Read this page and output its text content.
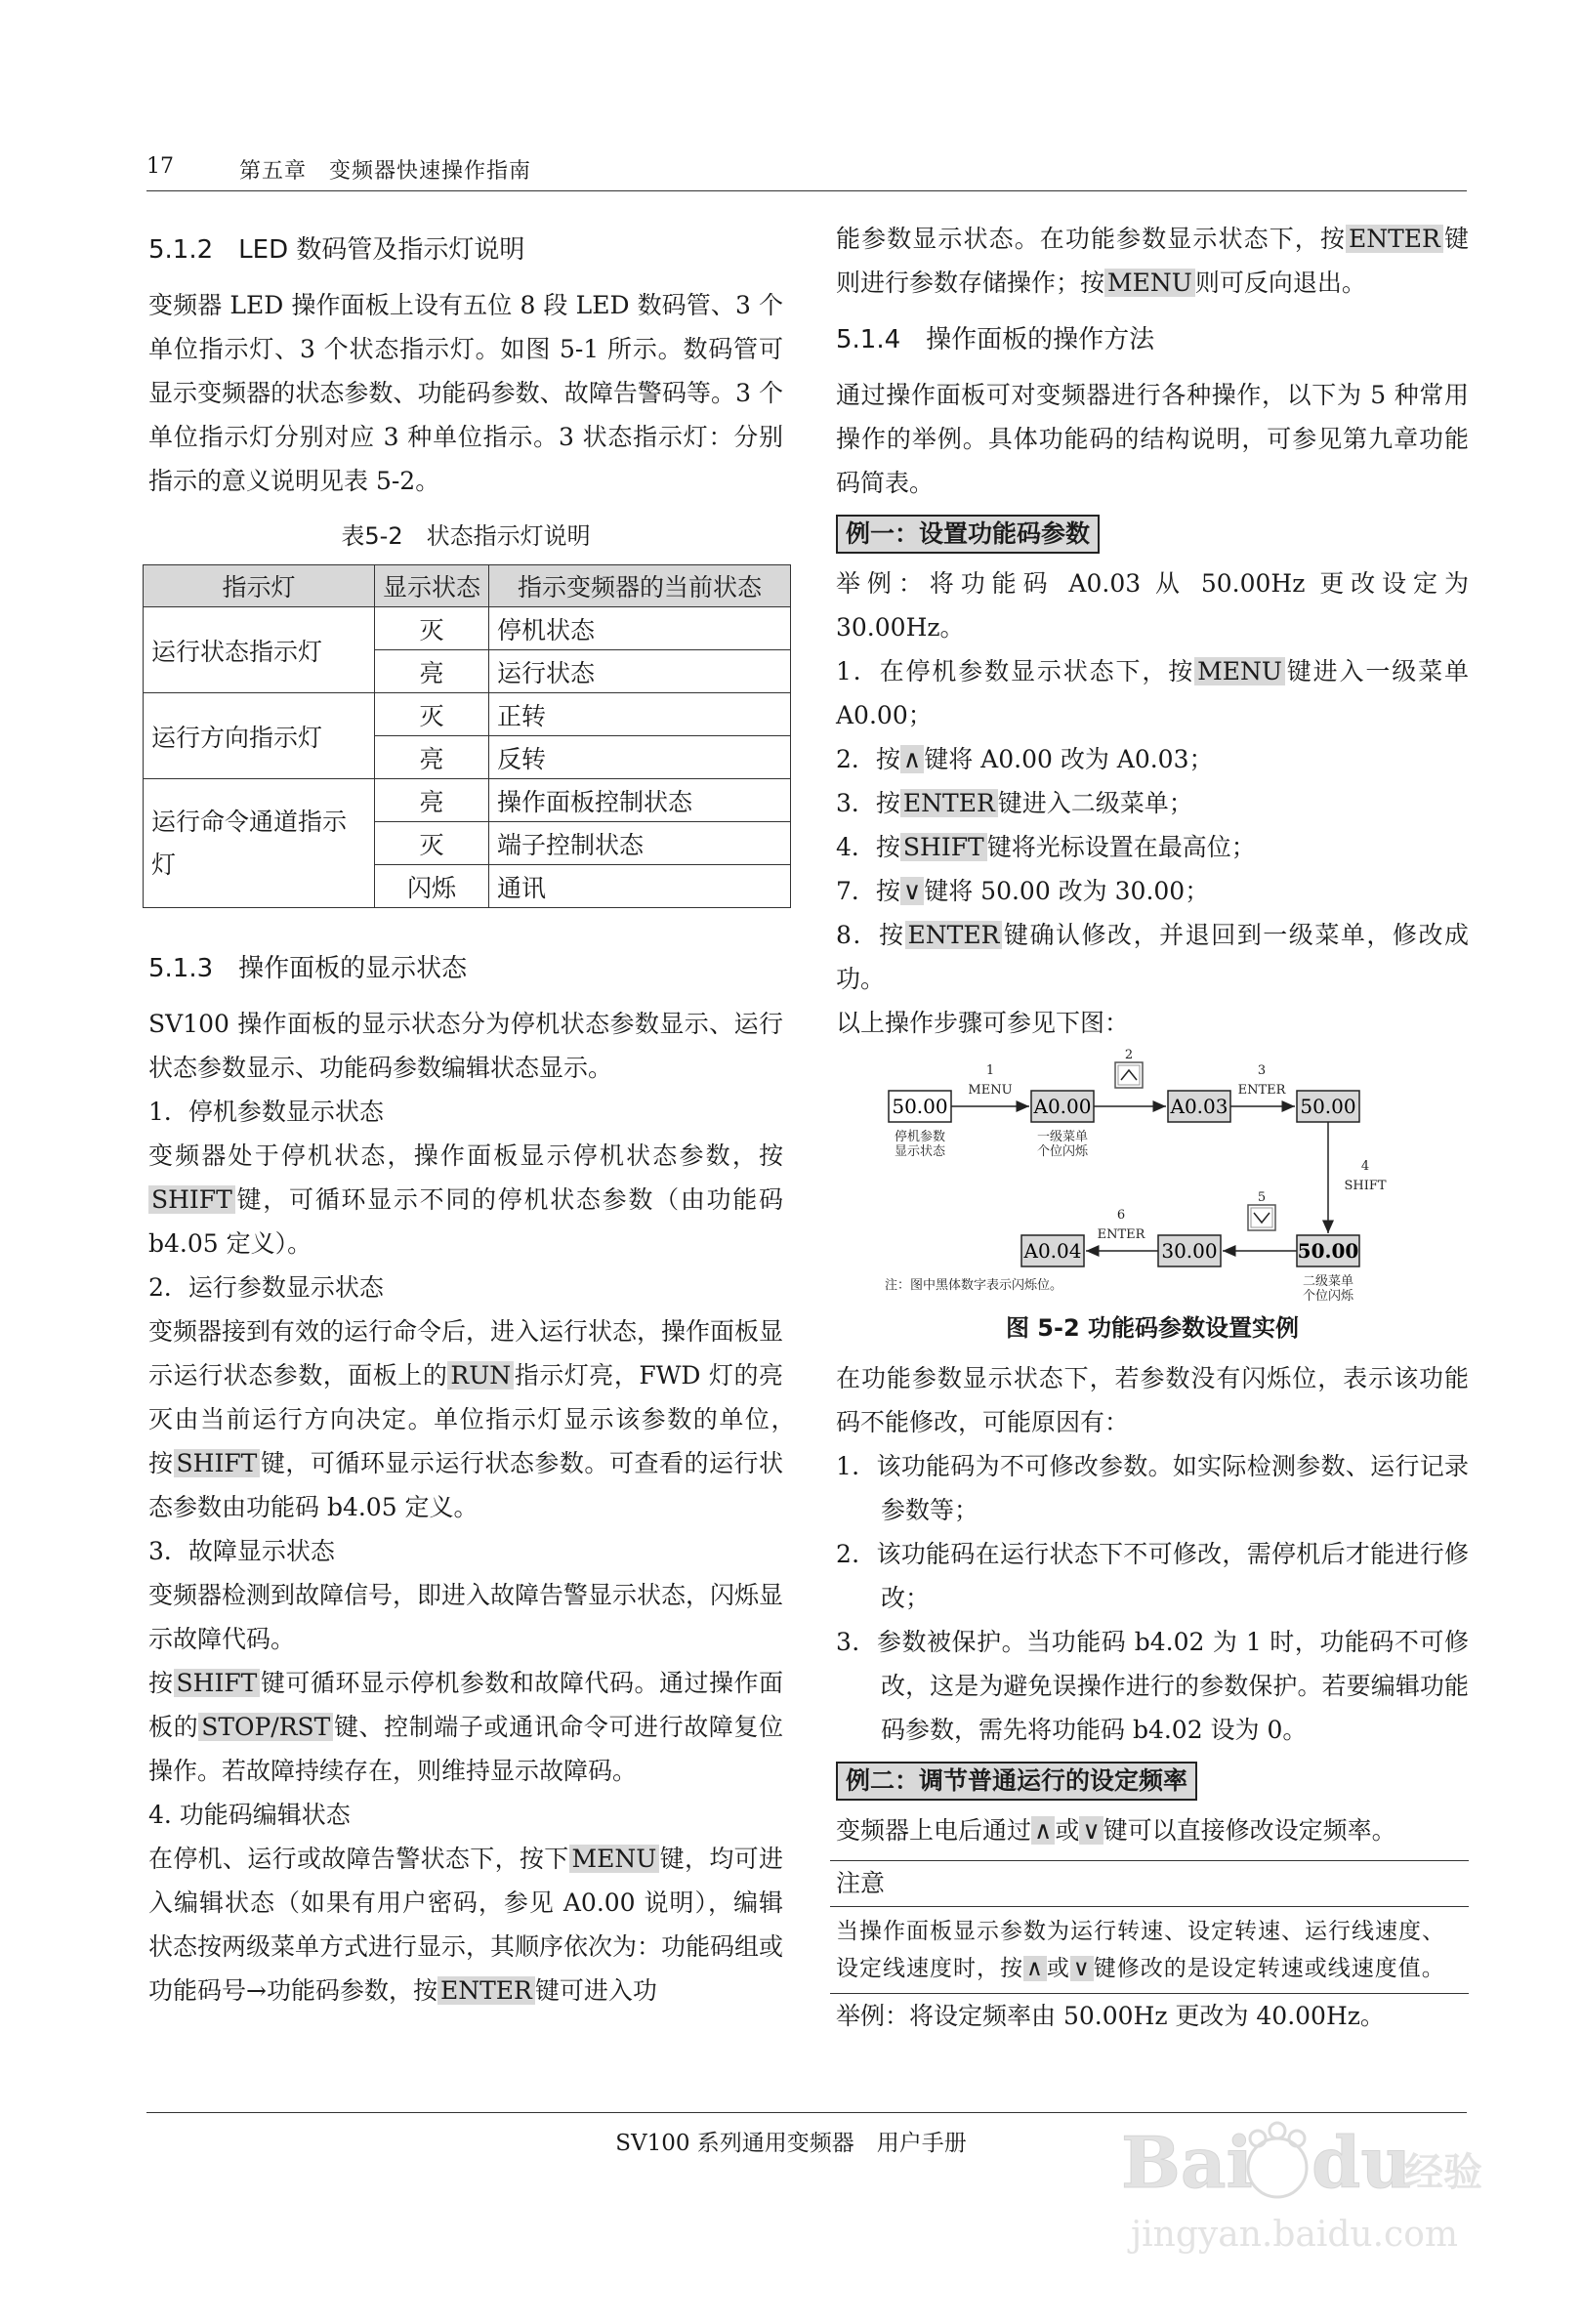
17	第五章　变频器快速操作指南
5.1.2　LED 数码管及指示灯说明

变频器 LED 操作面板上设有五位 8 段 LED 数码管、3 个单位指示灯、3 个状态指示灯。如图 5-1 所示。数码管可显示变频器的状态参数、功能码参数、故障告警码等。3 个单位指示灯分别对应 3 种单位指示。3 状态指示灯：分别指示的意义说明见表 5-2。

表5-2　状态指示灯说明
指示灯	显示状态	指示变频器的当前状态
运行状态指示灯	灭	停机状态
	亮	运行状态
运行方向指示灯	灭	正转
	亮	反转
运行命令通道指示灯	亮	操作面板控制状态
	灭	端子控制状态
	闪烁	通讯
5.1.3　操作面板的显示状态

SV100 操作面板的显示状态分为停机状态参数显示、运行状态参数显示、功能码参数编辑状态显示。

1．停机参数显示状态

变频器处于停机状态，操作面板显示停机状态参数，按SHIFT 键，可循环显示不同的停机状态参数（由功能码 b4.05 定义）。

2．运行参数显示状态

变频器接到有效的运行命令后，进入运行状态，操作面板显示运行状态参数，面板上的 RUN 指示灯亮，FWD 灯的亮灭由当前运行方向决定。单位指示灯显示该参数的单位，　按 SHIFT 键，可循环显示运行状态参数。可查看的运行状态参数由功能码 b4.05 定义。

3．故障显示状态

变频器检测到故障信号，即进入故障告警显示状态，闪烁显示故障代码。

按 SHIFT 键可循环显示停机参数和故障代码。通过操作面板的 STOP/RST 键、控制端子或通讯命令可进行故障复位操作。若故障持续存在，则维持显示故障码。

4. 功能码编辑状态

在停机、运行或故障告警状态下，按下 MENU 键，均可进入编辑状态（如果有用户密码，参见 A0.00 说明），编辑状态按两级菜单方式进行显示，其顺序依次为：功能码组或功能码号→功能码参数，按 ENTER 键可进入功

能参数显示状态。在功能参数显示状态下，按 ENTER 键则进行参数存储操作；按 MENU 则可反向退出。

5.1.4　操作面板的操作方法

通过操作面板可对变频器进行各种操作，以下为 5 种常用操作的举例。具体功能码的结构说明，可参见第九章功能码简表。

例一：设置功能码参数

举例：将功能码 A0.03 从 50.00Hz 更改设定为 30.00Hz。

1．在停机参数显示状态下，按 MENU 键进入一级菜单 A0.00；

2．按 ∧ 键将 A0.00 改为 A0.03；

3．按 ENTER 键进入二级菜单；

4．按 SHIFT 键将光标设置在最高位；

7．按 ∨ 键将 50.00 改为 30.00；

8．按 ENTER 键确认修改，并退回到一级菜单，修改成功。

以上操作步骤可参见下图：

50.00	A0.00	A0.03	50.00
50.00
30.00
A0.04
1
MENU
2
3
ENTER
4
SHIFT
5
6
ENTER
停机参数
显示状态
一级菜单
个位闪烁
二级菜单
个位闪烁
注：图中黑体数字表示闪烁位。
图 5-2 功能码参数设置实例

在功能参数显示状态下，若参数没有闪烁位，表示该功能码不能修改，可能原因有：

1．该功能码为不可修改参数。如实际检测参数、运行记录参数等；

2．该功能码在运行状态下不可修改，需停机后才能进行修改；

3．参数被保护。当功能码 b4.02 为 1 时，功能码不可修改，这是为避免误操作进行的参数保护。若要编辑功能码参数，需先将功能码 b4.02 设为 0。

例二：调节普通运行的设定频率

变频器上电后通过 ∧ 或 ∨ 键可以直接修改设定频率。

注意
当操作面板显示参数为运行转速、设定转速、运行线速度、设定线速度时，按 ∧ 或 ∨ 键修改的是设定转速或线速度值。

举例：将设定频率由 50.00Hz 更改为 40.00Hz。

SV100 系列通用变频器　用户手册	Bai du
经验
jingyan.baidu.com
